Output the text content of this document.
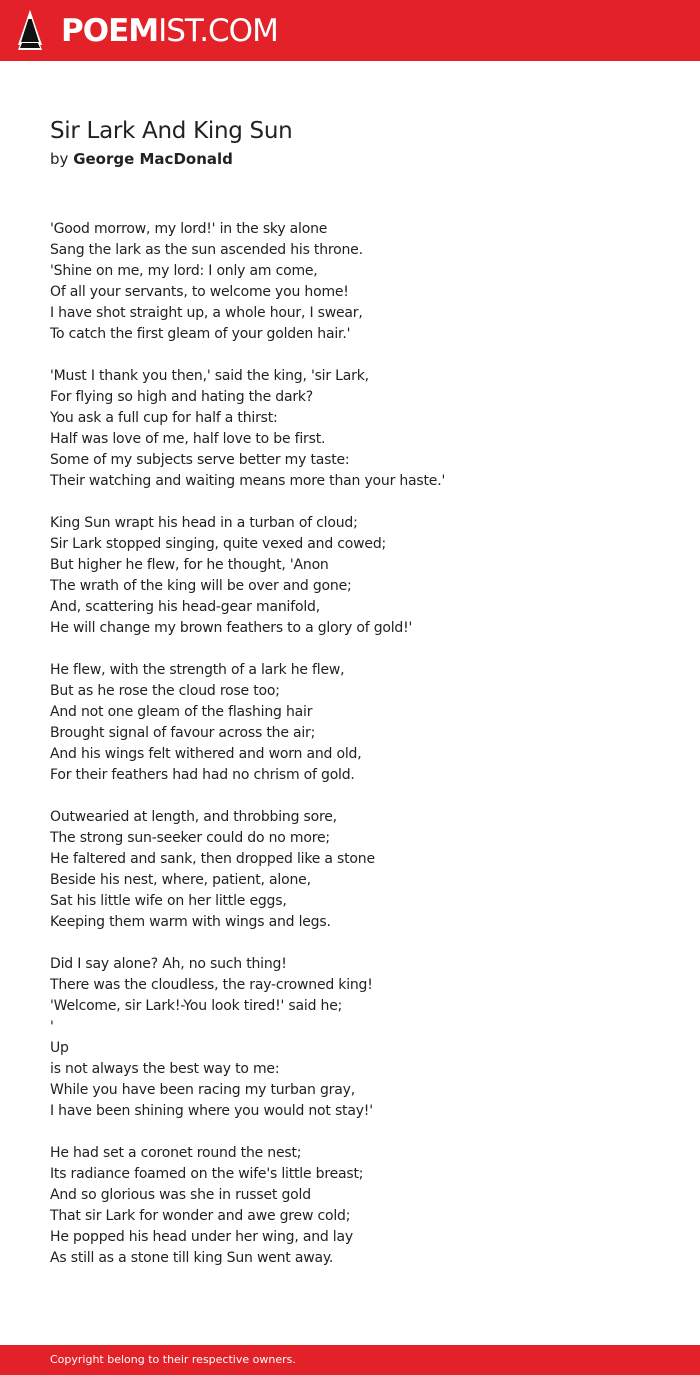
POEMIST.COM
Sir Lark And King Sun

by George MacDonald

'Good morrow, my lord!' in the sky alone
Sang the lark as the sun ascended his throne.
'Shine on me, my lord: I only am come,
Of all your servants, to welcome you home!
I have shot straight up, a whole hour, I swear,
To catch the first gleam of your golden hair.'
'Must I thank you then,' said the king, 'sir Lark,
For flying so high and hating the dark?
You ask a full cup for half a thirst:
Half was love of me, half love to be first.
Some of my subjects serve better my taste:
Their watching and waiting means more than your haste.'
King Sun wrapt his head in a turban of cloud;
Sir Lark stopped singing, quite vexed and cowed;
But higher he flew, for he thought, 'Anon
The wrath of the king will be over and gone;
And, scattering his head-gear manifold,
He will change my brown feathers to a glory of gold!'
He flew, with the strength of a lark he flew,
But as he rose the cloud rose too;
And not one gleam of the flashing hair
Brought signal of favour across the air;
And his wings felt withered and worn and old,
For their feathers had had no chrism of gold.
Outwearied at length, and throbbing sore,
The strong sun-seeker could do no more;
He faltered and sank, then dropped like a stone
Beside his nest, where, patient, alone,
Sat his little wife on her little eggs,
Keeping them warm with wings and legs.
Did I say alone? Ah, no such thing!
There was the cloudless, the ray-crowned king!
'Welcome, sir Lark!-You look tired!' said he;
'
Up
is not always the best way to me:
While you have been racing my turban gray,
I have been shining where you would not stay!'
He had set a coronet round the nest;
Its radiance foamed on the wife's little breast;
And so glorious was she in russet gold
That sir Lark for wonder and awe grew cold;
He popped his head under her wing, and lay
As still as a stone till king Sun went away.
Copyright belong to their respective owners.
